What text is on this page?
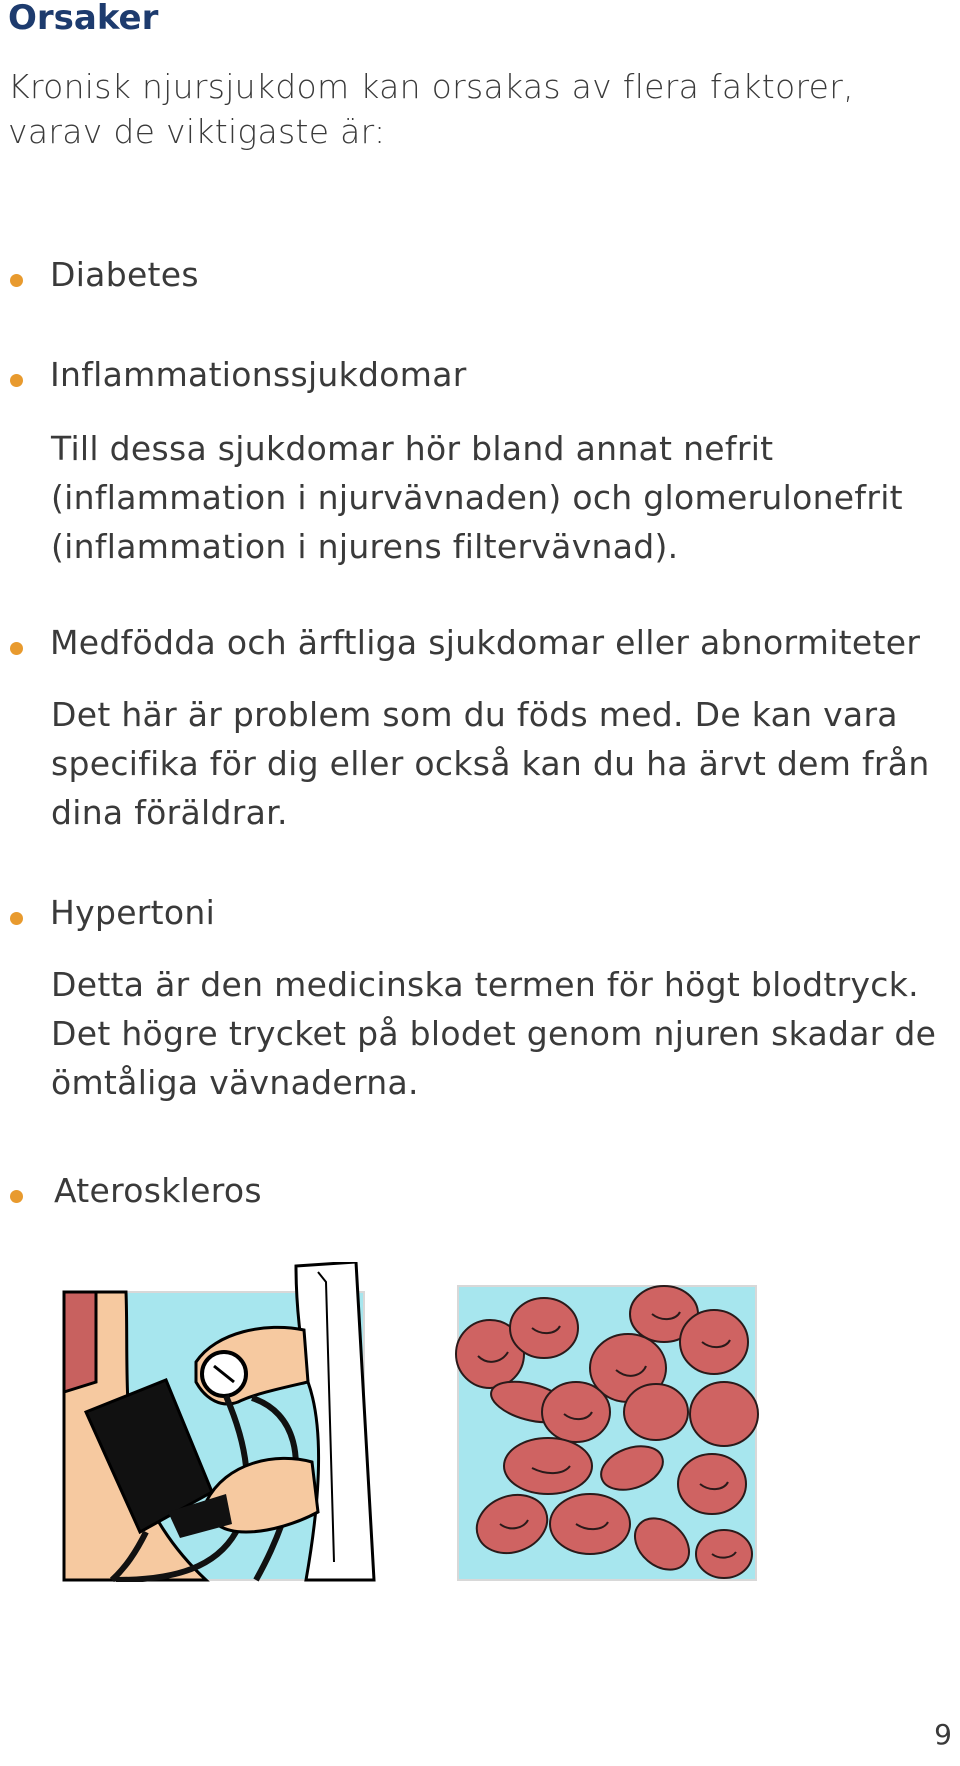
Orsaker

Kronisk njursjukdom kan orsakas av flera faktorer, varav de viktigaste är:

Diabetes

Inflammationssjukdomar

Till dessa sjukdomar hör bland annat nefrit (inflammation i njurvävnaden) och glomerulonefrit (inflammation i njurens filtervävnad).

Medfödda och ärftliga sjukdomar eller abnormiteter

Det här är problem som du föds med. De kan vara specifika för dig eller också kan du ha ärvt dem från dina föräldrar.

Hypertoni

Detta är den medicinska termen för högt blodtryck. Det högre trycket på blodet genom njuren skadar de ömtåliga vävnaderna.

Ateroskleros

9
